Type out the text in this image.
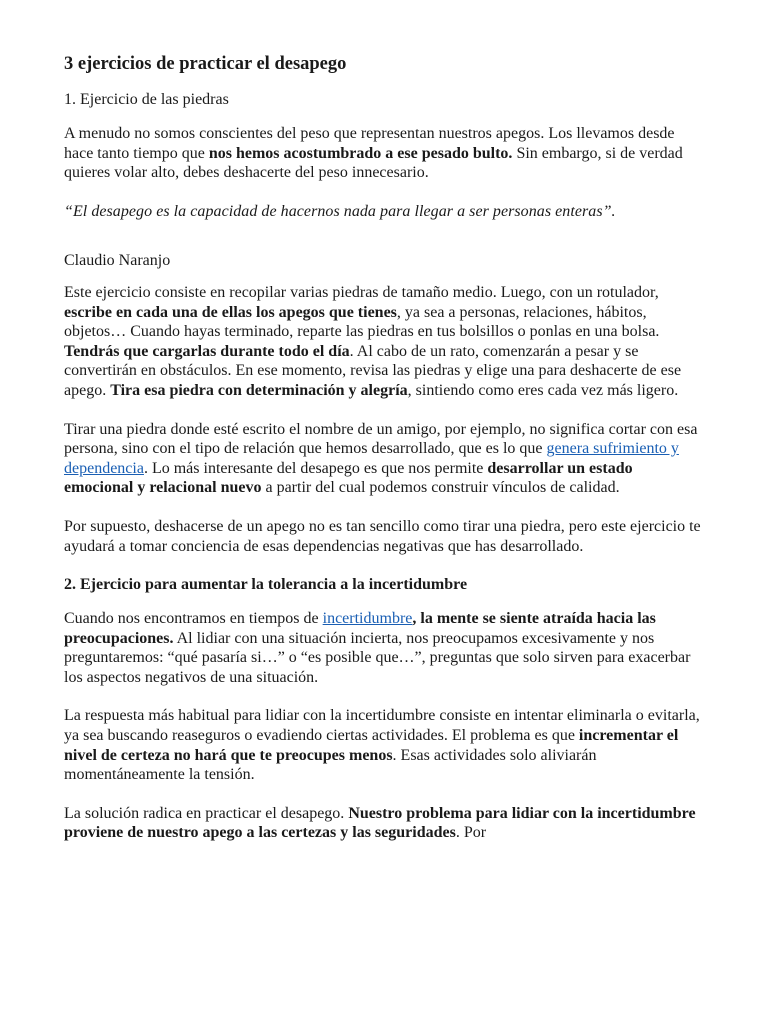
3 ejercicios de practicar el desapego
1. Ejercicio de las piedras

A menudo no somos conscientes del peso que representan nuestros apegos. Los llevamos desde hace tanto tiempo que nos hemos acostumbrado a ese pesado bulto. Sin embargo, si de verdad quieres volar alto, debes deshacerte del peso innecesario.

“El desapego es la capacidad de hacernos nada para llegar a ser personas enteras”.

Claudio Naranjo

Este ejercicio consiste en recopilar varias piedras de tamaño medio. Luego, con un rotulador, escribe en cada una de ellas los apegos que tienes, ya sea a personas, relaciones, hábitos, objetos… Cuando hayas terminado, reparte las piedras en tus bolsillos o ponlas en una bolsa. Tendrás que cargarlas durante todo el día. Al cabo de un rato, comenzarán a pesar y se convertirán en obstáculos. En ese momento, revisa las piedras y elige una para deshacerte de ese apego. Tira esa piedra con determinación y alegría, sintiendo como eres cada vez más ligero.

Tirar una piedra donde esté escrito el nombre de un amigo, por ejemplo, no significa cortar con esa persona, sino con el tipo de relación que hemos desarrollado, que es lo que genera sufrimiento y dependencia. Lo más interesante del desapego es que nos permite desarrollar un estado emocional y relacional nuevo a partir del cual podemos construir vínculos de calidad.

Por supuesto, deshacerse de un apego no es tan sencillo como tirar una piedra, pero este ejercicio te ayudará a tomar conciencia de esas dependencias negativas que has desarrollado.

2. Ejercicio para aumentar la tolerancia a la incertidumbre

Cuando nos encontramos en tiempos de incertidumbre, la mente se siente atraída hacia las preocupaciones. Al lidiar con una situación incierta, nos preocupamos excesivamente y nos preguntaremos: “qué pasaría si…” o “es posible que…”, preguntas que solo sirven para exacerbar los aspectos negativos de una situación.

La respuesta más habitual para lidiar con la incertidumbre consiste en intentar eliminarla o evitarla, ya sea buscando reaseguros o evadiendo ciertas actividades. El problema es que incrementar el nivel de certeza no hará que te preocupes menos. Esas actividades solo aliviarán momentáneamente la tensión.

La solución radica en practicar el desapego. Nuestro problema para lidiar con la incertidumbre proviene de nuestro apego a las certezas y las seguridades. Por
